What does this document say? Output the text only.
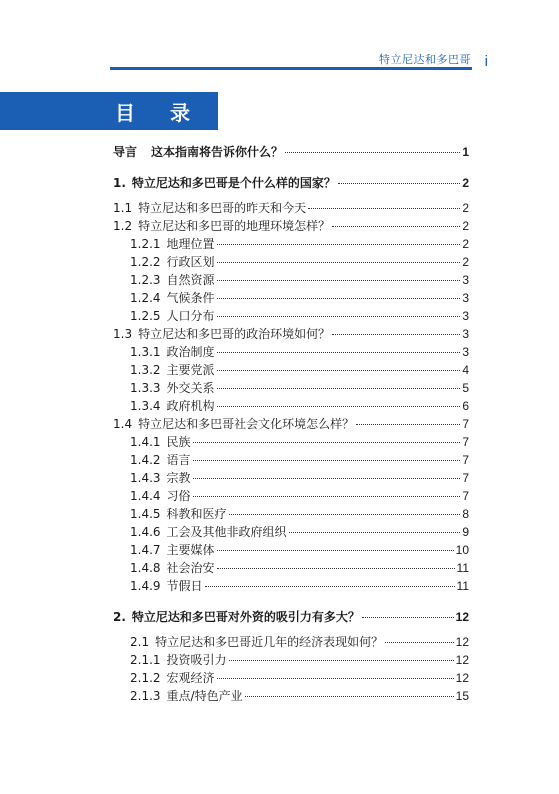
特立尼达和多巴哥 i
目 录
导言 这本指南将告诉你什么？	1
1. 特立尼达和多巴哥是个什么样的国家？	2
1.1 特立尼达和多巴哥的昨天和今天	2
1.2 特立尼达和多巴哥的地理环境怎样？	2
1.2.1 地理位置	2
1.2.2 行政区划	2
1.2.3 自然资源	3
1.2.4 气候条件	3
1.2.5 人口分布	3
1.3 特立尼达和多巴哥的政治环境如何？	3
1.3.1 政治制度	3
1.3.2 主要党派	4
1.3.3 外交关系	5
1.3.4 政府机构	6
1.4 特立尼达和多巴哥社会文化环境怎么样？	7
1.4.1 民族	7
1.4.2 语言	7
1.4.3 宗教	7
1.4.4 习俗	7
1.4.5 科教和医疗	8
1.4.6 工会及其他非政府组织	9
1.4.7 主要媒体	10
1.4.8 社会治安	11
1.4.9 节假日	11
2. 特立尼达和多巴哥对外资的吸引力有多大？	12
2.1 特立尼达和多巴哥近几年的经济表现如何？	12
2.1.1 投资吸引力	12
2.1.2 宏观经济	12
2.1.3 重点/特色产业	15
